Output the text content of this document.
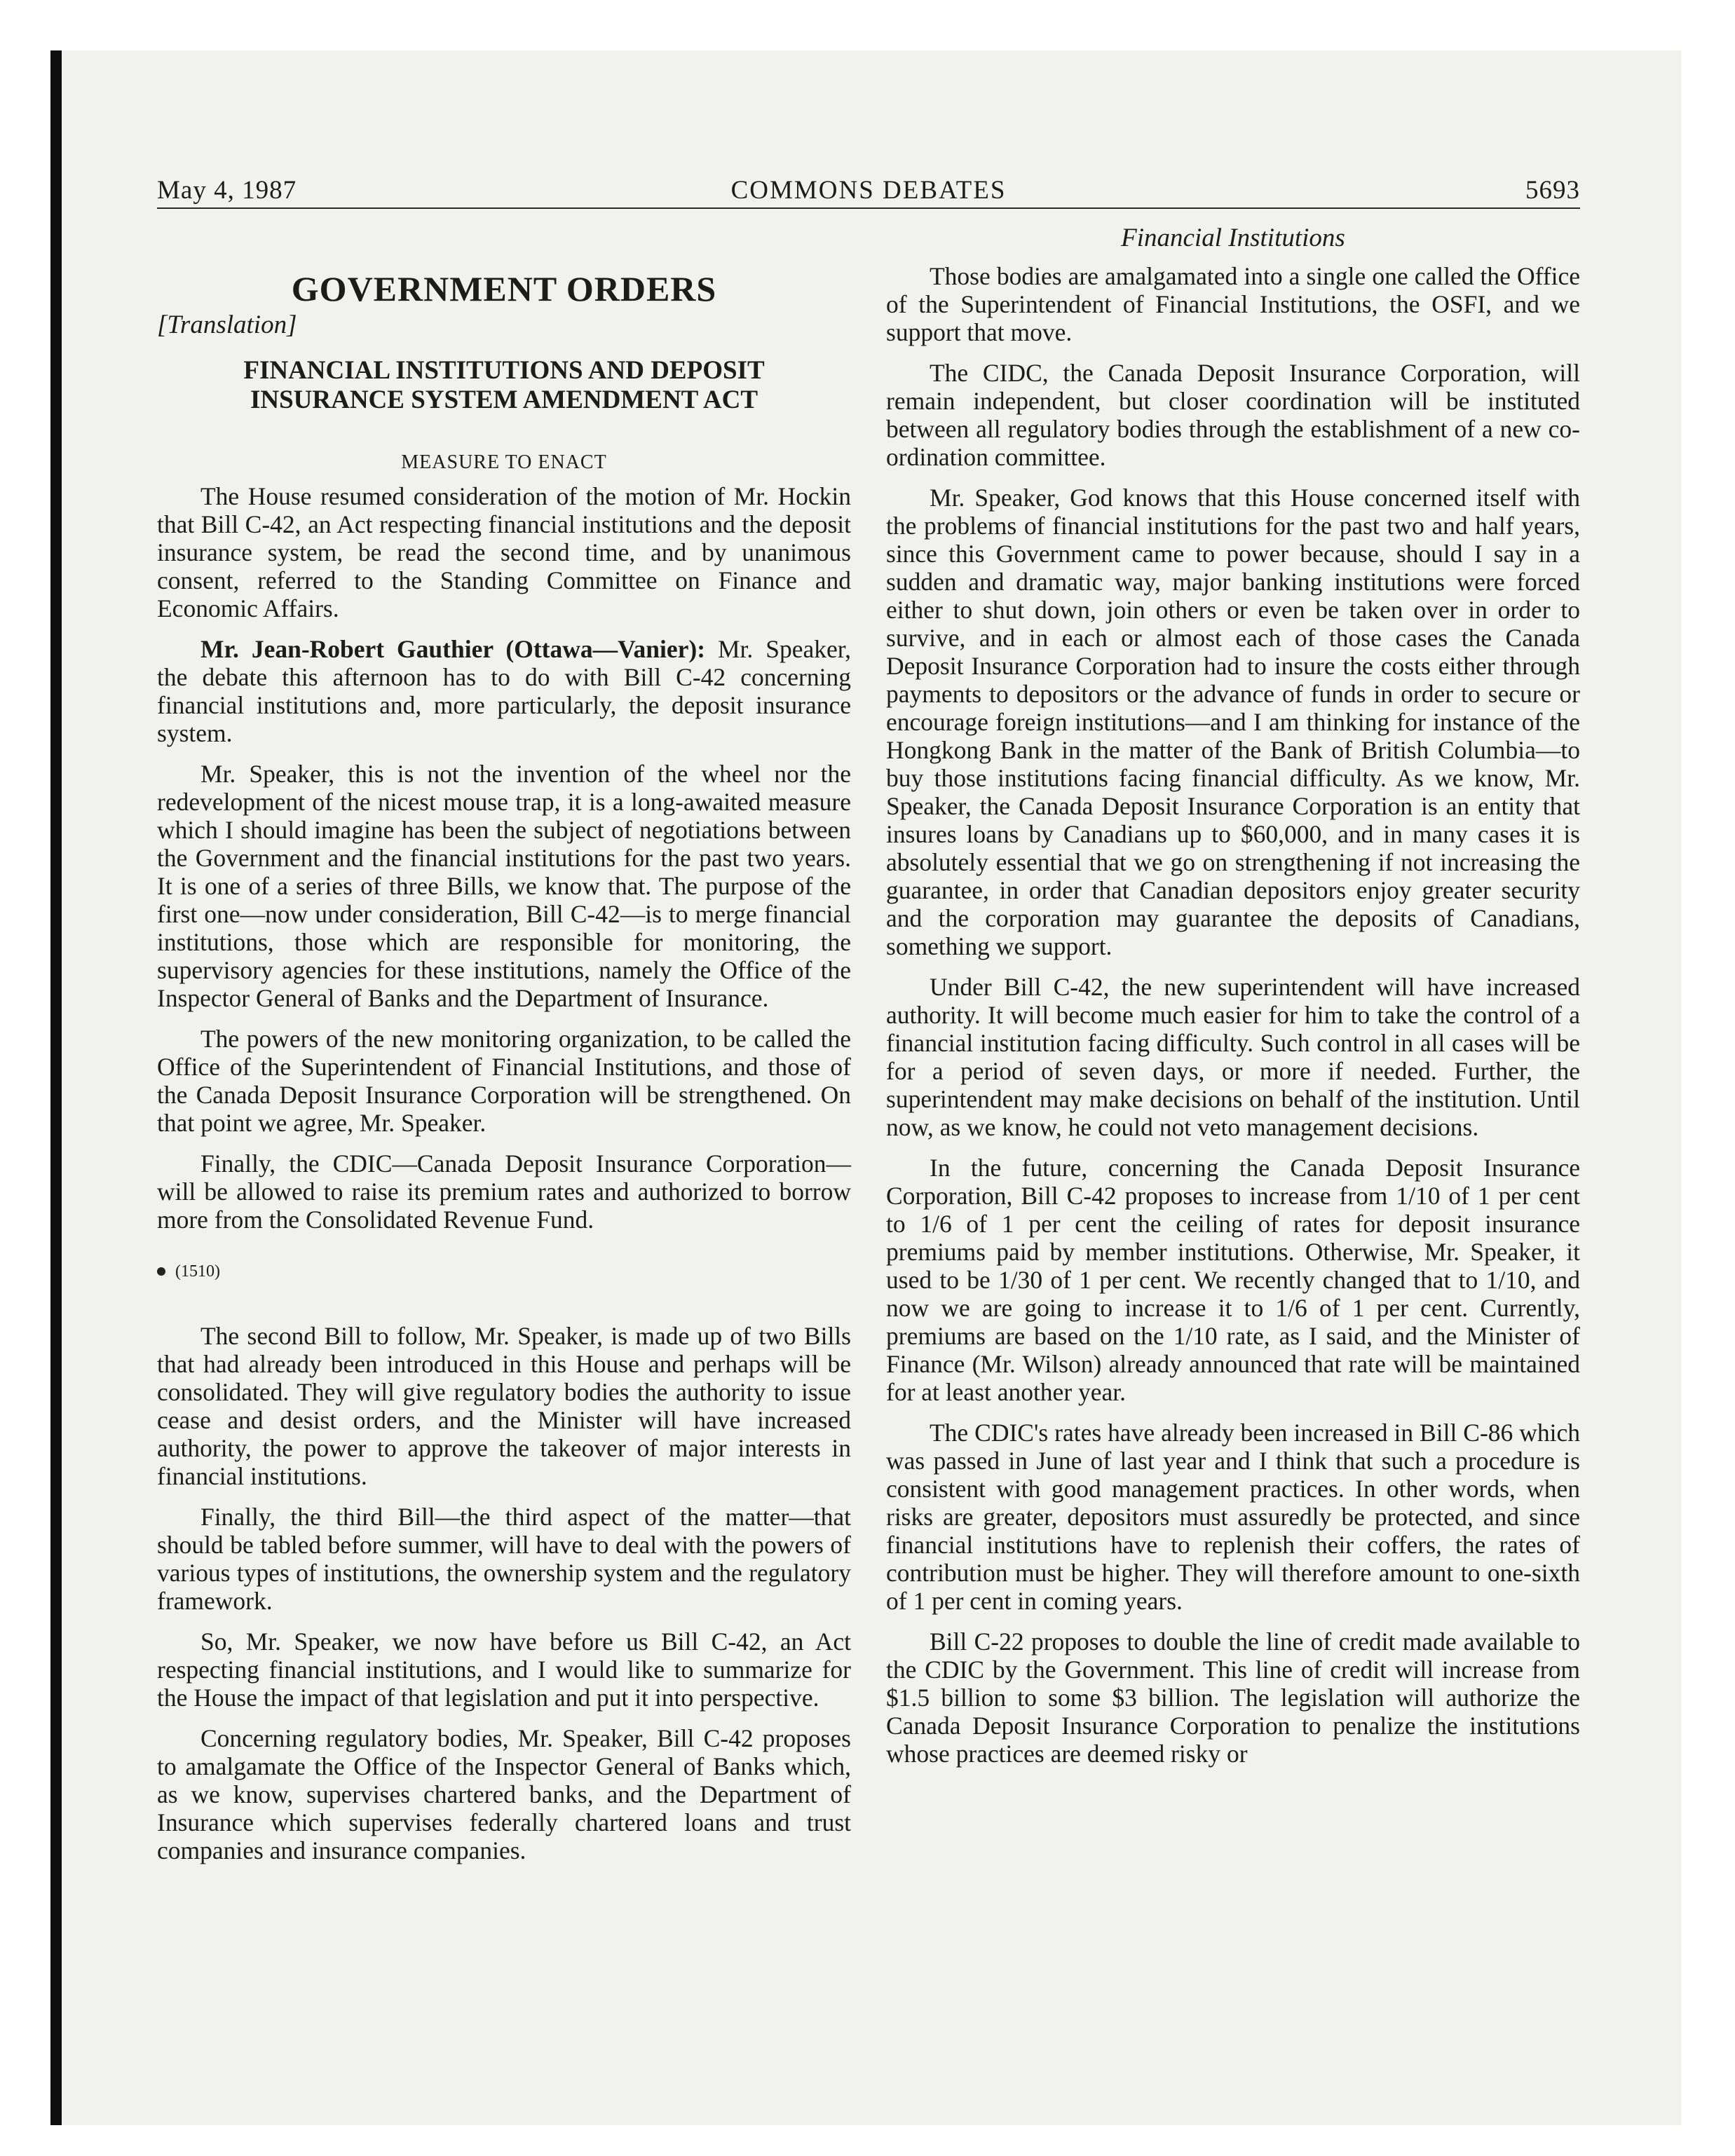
May 4, 1987	COMMONS DEBATES	5693
GOVERNMENT ORDERS
[Translation]
FINANCIAL INSTITUTIONS AND DEPOSIT INSURANCE SYSTEM AMENDMENT ACT
MEASURE TO ENACT

The House resumed consideration of the motion of Mr. Hockin that Bill C-42, an Act respecting financial institutions and the deposit insurance system, be read the second time, and by unanimous consent, referred to the Standing Committee on Finance and Economic Affairs.

Mr. Jean-Robert Gauthier (Ottawa—Vanier): Mr. Speaker, the debate this afternoon has to do with Bill C-42 concerning financial institutions and, more particularly, the deposit insurance system.

Mr. Speaker, this is not the invention of the wheel nor the redevelopment of the nicest mouse trap, it is a long-awaited measure which I should imagine has been the subject of negotiations between the Government and the financial institutions for the past two years. It is one of a series of three Bills, we know that. The purpose of the first one—now under consideration, Bill C-42—is to merge financial institutions, those which are responsible for monitoring, the supervisory agencies for these institutions, namely the Office of the Inspector General of Banks and the Department of Insurance.

The powers of the new monitoring organization, to be called the Office of the Superintendent of Financial Institutions, and those of the Canada Deposit Insurance Corporation will be strengthened. On that point we agree, Mr. Speaker.

Finally, the CDIC—Canada Deposit Insurance Corporation— will be allowed to raise its premium rates and authorized to borrow more from the Consolidated Revenue Fund.

(1510)

The second Bill to follow, Mr. Speaker, is made up of two Bills that had already been introduced in this House and perhaps will be consolidated. They will give regulatory bodies the authority to issue cease and desist orders, and the Minister will have increased authority, the power to approve the takeover of major interests in financial institutions.

Finally, the third Bill—the third aspect of the matter—that should be tabled before summer, will have to deal with the powers of various types of institutions, the ownership system and the regulatory framework.

So, Mr. Speaker, we now have before us Bill C-42, an Act respecting financial institutions, and I would like to summarize for the House the impact of that legislation and put it into perspective.

Concerning regulatory bodies, Mr. Speaker, Bill C-42 proposes to amalgamate the Office of the Inspector General of Banks which, as we know, supervises chartered banks, and the Department of Insurance which supervises federally chartered loans and trust companies and insurance companies.

Financial Institutions

Those bodies are amalgamated into a single one called the Office of the Superintendent of Financial Institutions, the OSFI, and we support that move.

The CIDC, the Canada Deposit Insurance Corporation, will remain independent, but closer coordination will be instituted between all regulatory bodies through the establishment of a new co-ordination committee.

Mr. Speaker, God knows that this House concerned itself with the problems of financial institutions for the past two and half years, since this Government came to power because, should I say in a sudden and dramatic way, major banking institutions were forced either to shut down, join others or even be taken over in order to survive, and in each or almost each of those cases the Canada Deposit Insurance Corporation had to insure the costs either through payments to depositors or the advance of funds in order to secure or encourage foreign institutions—and I am thinking for instance of the Hongkong Bank in the matter of the Bank of British Columbia—to buy those institutions facing financial difficulty. As we know, Mr. Speaker, the Canada Deposit Insurance Corporation is an entity that insures loans by Canadians up to $60,000, and in many cases it is absolutely essential that we go on strengthening if not increasing the guarantee, in order that Canadian depositors enjoy greater security and the corporation may guarantee the deposits of Canadians, something we support.

Under Bill C-42, the new superintendent will have increased authority. It will become much easier for him to take the control of a financial institution facing difficulty. Such control in all cases will be for a period of seven days, or more if needed. Further, the superintendent may make decisions on behalf of the institution. Until now, as we know, he could not veto management decisions.

In the future, concerning the Canada Deposit Insurance Corporation, Bill C-42 proposes to increase from 1/10 of 1 per cent to 1/6 of 1 per cent the ceiling of rates for deposit insurance premiums paid by member institutions. Otherwise, Mr. Speaker, it used to be 1/30 of 1 per cent. We recently changed that to 1/10, and now we are going to increase it to 1/6 of 1 per cent. Currently, premiums are based on the 1/10 rate, as I said, and the Minister of Finance (Mr. Wilson) already announced that rate will be maintained for at least another year.

The CDIC's rates have already been increased in Bill C-86 which was passed in June of last year and I think that such a procedure is consistent with good management practices. In other words, when risks are greater, depositors must assuredly be protected, and since financial institutions have to replenish their coffers, the rates of contribution must be higher. They will therefore amount to one-sixth of 1 per cent in coming years.

Bill C-22 proposes to double the line of credit made available to the CDIC by the Government. This line of credit will increase from $1.5 billion to some $3 billion. The legislation will authorize the Canada Deposit Insurance Corporation to penalize the institutions whose practices are deemed risky or
